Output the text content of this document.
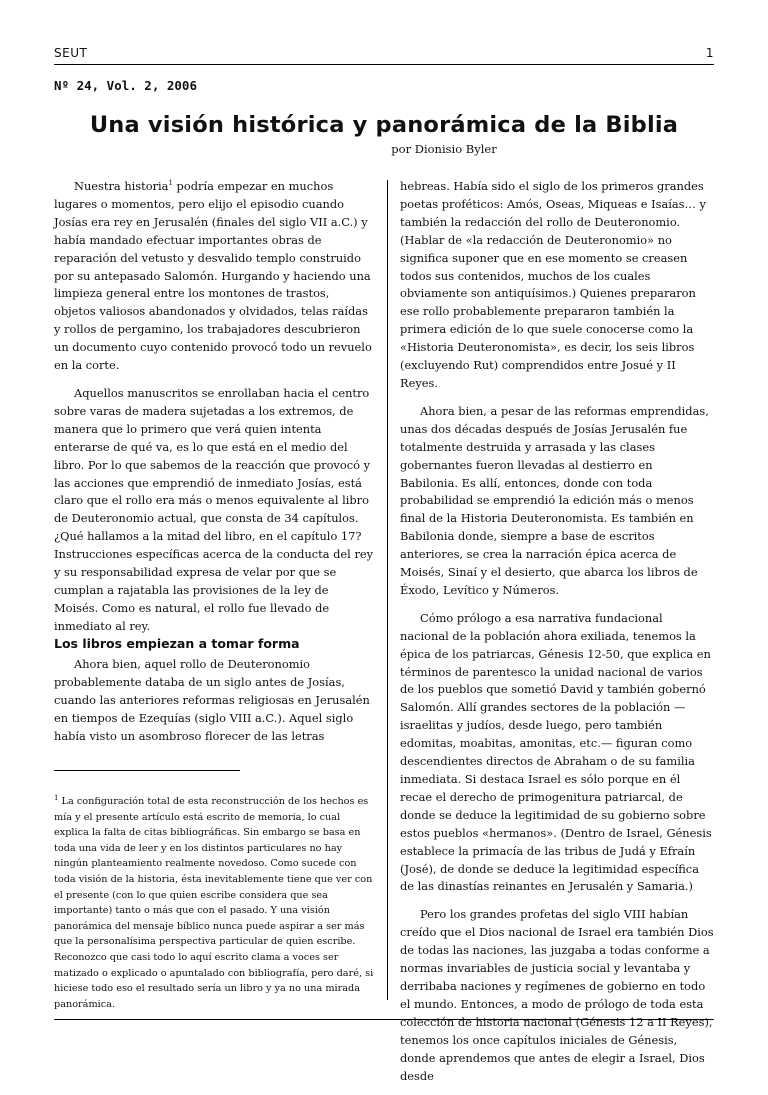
SEUT	1
Nº 24, Vol. 2, 2006
Una visión histórica y panorámica de la Biblia
por Dionisio Byler

Nuestra historia$^1$ podría empezar en muchos lugares o momentos, pero elijo el episodio cuando Josías era rey en Jerusalén (finales del siglo VII a.C.) y había mandado efectuar importantes obras de reparación del vetusto y desvalido templo construido por su antepasado Salomón. Hurgando y haciendo una limpieza general entre los montones de trastos, objetos valiosos abandonados y olvidados, telas raídas y rollos de pergamino, los trabajadores descubrieron un documento cuyo contenido provocó todo un revuelo en la corte.

Aquellos manuscritos se enrollaban hacia el centro sobre varas de madera sujetadas a los extremos, de manera que lo primero que verá quien intenta enterarse de qué va, es lo que está en el medio del libro. Por lo que sabemos de la reacción que provocó y las acciones que emprendió de inmediato Josías, está claro que el rollo era más o menos equivalente al libro de Deuteronomio actual, que consta de 34 capítulos. ¿Qué hallamos a la mitad del libro, en el capítulo 17? Instrucciones específicas acerca de la conducta del rey y su responsabilidad expresa de velar por que se cumplan a rajatabla las provisiones de la ley de Moisés. Como es natural, el rollo fue llevado de inmediato al rey.

Los libros empiezan a tomar forma

Ahora bien, aquel rollo de Deuteronomio probablemente databa de un siglo antes de Josías, cuando las anteriores reformas religiosas en Jerusalén en tiempos de Ezequías (siglo VIII a.C.). Aquel siglo había visto un asombroso florecer de las letras

$^1$ La configuración total de esta reconstrucción de los hechos es mía y el presente artículo está escrito de memoria, lo cual explica la falta de citas bibliográficas. Sin embargo se basa en toda una vida de leer y en los distintos particulares no hay ningún planteamiento realmente novedoso. Como sucede con toda visión de la historia, ésta inevitablemente tiene que ver con el presente (con lo que quien escribe considera que sea importante) tanto o más que con el pasado. Y una visión panorámica del mensaje bíblico nunca puede aspirar a ser más que la personalísima perspectiva particular de quien escribe. Reconozco que casi todo lo aquí escrito clama a voces ser matizado o explicado o apuntalado con bibliografía, pero daré, si hiciese todo eso el resultado sería un libro y ya no una mirada panorámica.

hebreas. Había sido el siglo de los primeros grandes poetas proféticos: Amós, Oseas, Miqueas e Isaías… y también la redacción del rollo de Deuteronomio. (Hablar de «la redacción de Deuteronomio» no significa suponer que en ese momento se creasen todos sus contenidos, muchos de los cuales obviamente son antiquísimos.) Quienes prepararon ese rollo probablemente prepararon también la primera edición de lo que suele conocerse como la «Historia Deuteronomista», es decir, los seis libros (excluyendo Rut) comprendidos entre Josué y II Reyes.

Ahora bien, a pesar de las reformas emprendidas, unas dos décadas después de Josías Jerusalén fue totalmente destruida y arrasada y las clases gobernantes fueron llevadas al destierro en Babilonia. Es allí, entonces, donde con toda probabilidad se emprendió la edición más o menos final de la Historia Deuteronomista. Es también en Babilonia donde, siempre a base de escritos anteriores, se crea la narración épica acerca de Moisés, Sinaí y el desierto, que abarca los libros de Éxodo, Levítico y Números.

Cómo prólogo a esa narrativa fundacional nacional de la población ahora exiliada, tenemos la épica de los patriarcas, Génesis 12-50, que explica en términos de parentesco la unidad nacional de varios de los pueblos que sometió David y también gobernó Salomón. Allí grandes sectores de la población —israelitas y judíos, desde luego, pero también edomitas, moabitas, amonitas, etc.— figuran como descendientes directos de Abraham o de su familia inmediata. Si destaca Israel es sólo porque en él recae el derecho de primogenitura patriarcal, de donde se deduce la legitimidad de su gobierno sobre estos pueblos «hermanos». (Dentro de Israel, Génesis establece la primacía de las tribus de Judá y Efraín (José), de donde se deduce la legitimidad específica de las dinastías reinantes en Jerusalén y Samaria.)

Pero los grandes profetas del siglo VIII habían creído que el Dios nacional de Israel era también Dios de todas las naciones, las juzgaba a todas conforme a normas invariables de justicia social y levantaba y derribaba naciones y regímenes de gobierno en todo el mundo. Entonces, a modo de prólogo de toda esta colección de historia nacional (Génesis 12 a II Reyes), tenemos los once capítulos iniciales de Génesis, donde aprendemos que antes de elegir a Israel, Dios desde
